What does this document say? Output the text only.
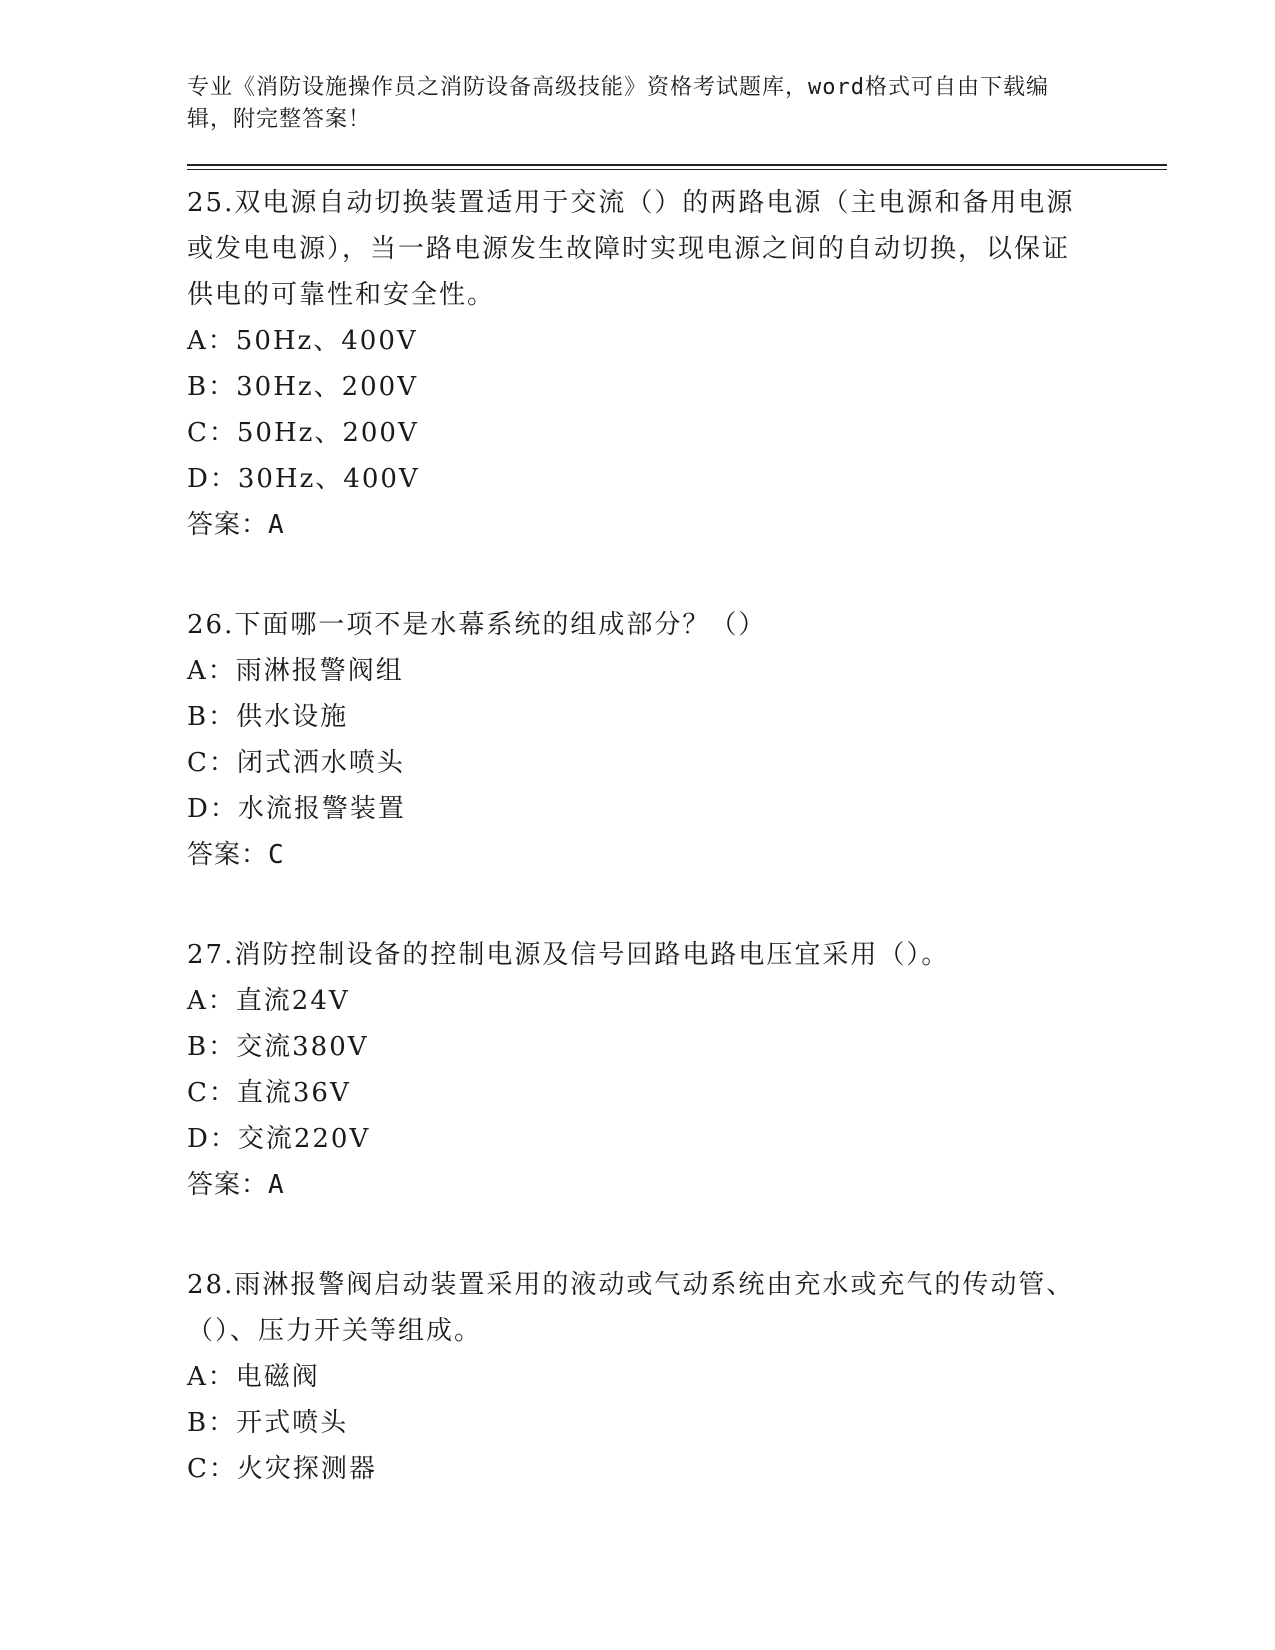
专业《消防设施操作员之消防设备高级技能》资格考试题库，word格式可自由下载编辑，附完整答案！

25.双电源自动切换装置适用于交流（）的两路电源（主电源和备用电源或发电电源），当一路电源发生故障时实现电源之间的自动切换，以保证供电的可靠性和安全性。

A：50Hz、400V

B：30Hz、200V

C：50Hz、200V

D：30Hz、400V

答案：A

26.下面哪一项不是水幕系统的组成部分？（）

A：雨淋报警阀组

B：供水设施

C：闭式洒水喷头

D：水流报警装置

答案：C

27.消防控制设备的控制电源及信号回路电路电压宜采用（）。

A：直流24V

B：交流380V

C：直流36V

D：交流220V

答案：A

28.雨淋报警阀启动装置采用的液动或气动系统由充水或充气的传动管、（）、压力开关等组成。

A：电磁阀

B：开式喷头

C：火灾探测器
